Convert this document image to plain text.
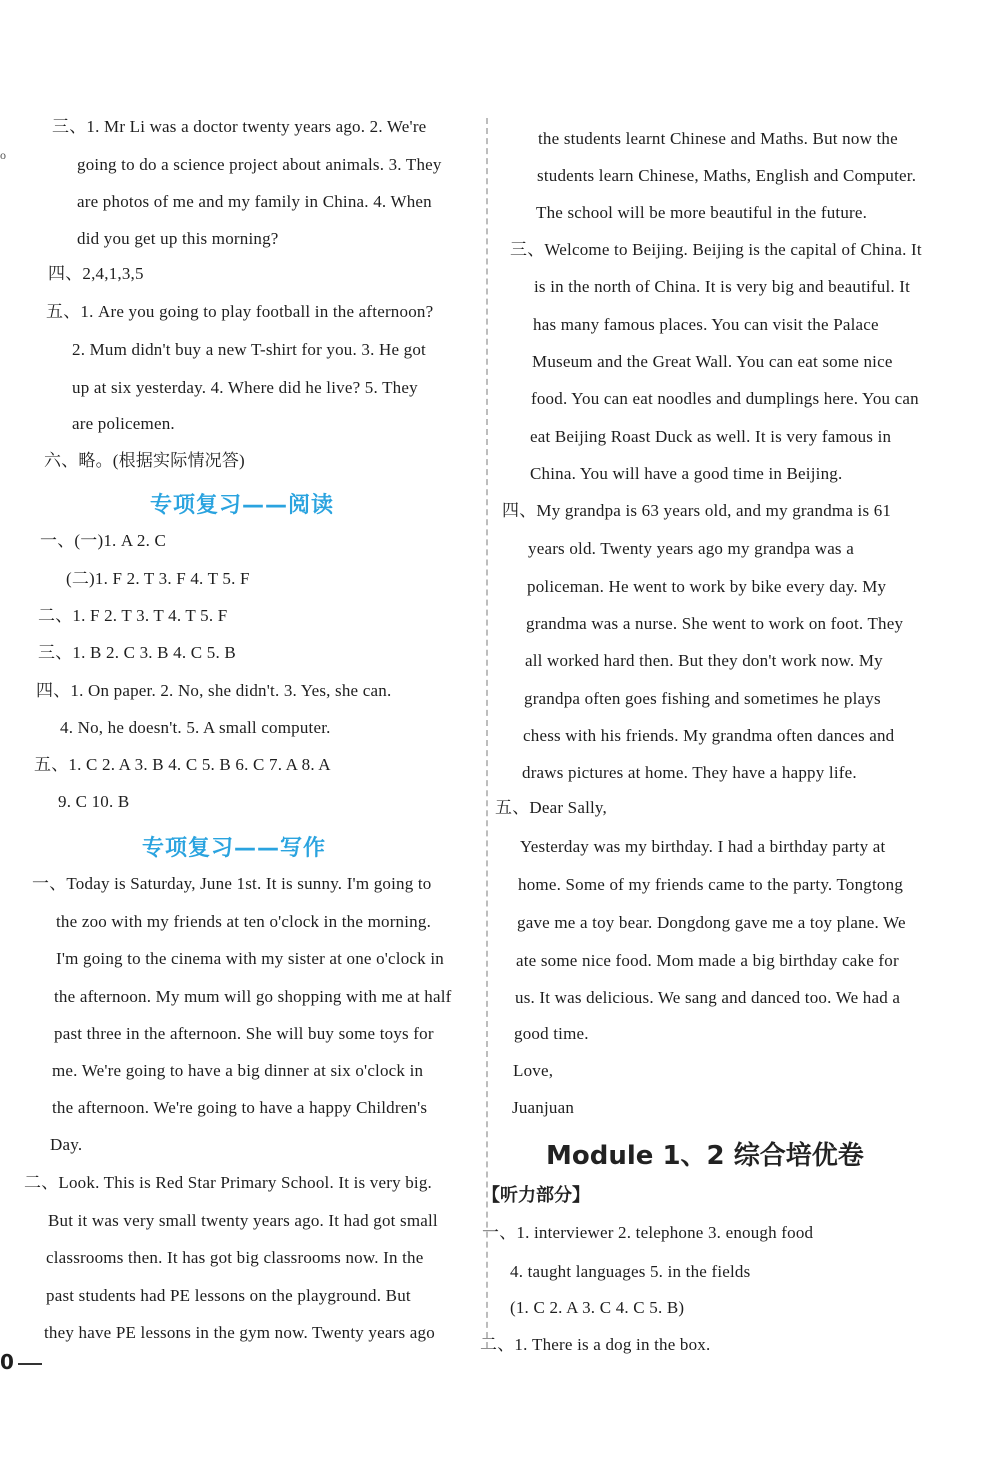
o
三、1. Mr Li was a doctor twenty years ago. 2. We're
going to do a science project about animals. 3. They
are photos of me and my family in China. 4. When
did you get up this morning?
四、2,4,1,3,5
五、1. Are you going to play football in the afternoon?
2. Mum didn't buy a new T-shirt for you. 3. He got
up at six yesterday. 4. Where did he live? 5. They
are policemen.
六、略。(根据实际情况答)
专项复习——阅读
一、(一)1. A 2. C
(二)1. F 2. T 3. F 4. T 5. F
二、1. F 2. T 3. T 4. T 5. F
三、1. B 2. C 3. B 4. C 5. B
四、1. On paper. 2. No, she didn't. 3. Yes, she can.
4. No, he doesn't. 5. A small computer.
五、1. C 2. A 3. B 4. C 5. B 6. C 7. A 8. A
9. C 10. B
专项复习——写作
一、Today is Saturday, June 1st. It is sunny. I'm going to
the zoo with my friends at ten o'clock in the morning.
I'm going to the cinema with my sister at one o'clock in
the afternoon. My mum will go shopping with me at half
past three in the afternoon. She will buy some toys for
me. We're going to have a big dinner at six o'clock in
the afternoon. We're going to have a happy Children's
Day.
二、Look. This is Red Star Primary School. It is very big.
But it was very small twenty years ago. It had got small
classrooms then. It has got big classrooms now. In the
past students had PE lessons on the playground. But
they have PE lessons in the gym now. Twenty years ago
the students learnt Chinese and Maths. But now the
students learn Chinese, Maths, English and Computer.
The school will be more beautiful in the future.
三、Welcome to Beijing. Beijing is the capital of China. It
is in the north of China. It is very big and beautiful. It
has many famous places. You can visit the Palace
Museum and the Great Wall. You can eat some nice
food. You can eat noodles and dumplings here. You can
eat Beijing Roast Duck as well. It is very famous in
China. You will have a good time in Beijing.
四、My grandpa is 63 years old, and my grandma is 61
years old. Twenty years ago my grandpa was a
policeman. He went to work by bike every day. My
grandma was a nurse. She went to work on foot. They
all worked hard then. But they don't work now. My
grandpa often goes fishing and sometimes he plays
chess with his friends. My grandma often dances and
draws pictures at home. They have a happy life.
五、Dear Sally,
Yesterday was my birthday. I had a birthday party at
home. Some of my friends came to the party. Tongtong
gave me a toy bear. Dongdong gave me a toy plane. We
ate some nice food. Mom made a big birthday cake for
us. It was delicious. We sang and danced too. We had a
good time.
Love,
Juanjuan
Module 1、2 综合培优卷
【听力部分】
一、1. interviewer 2. telephone 3. enough food
4. taught languages 5. in the fields
(1. C 2. A 3. C 4. C 5. B)
二、1. There is a dog in the box.
0
